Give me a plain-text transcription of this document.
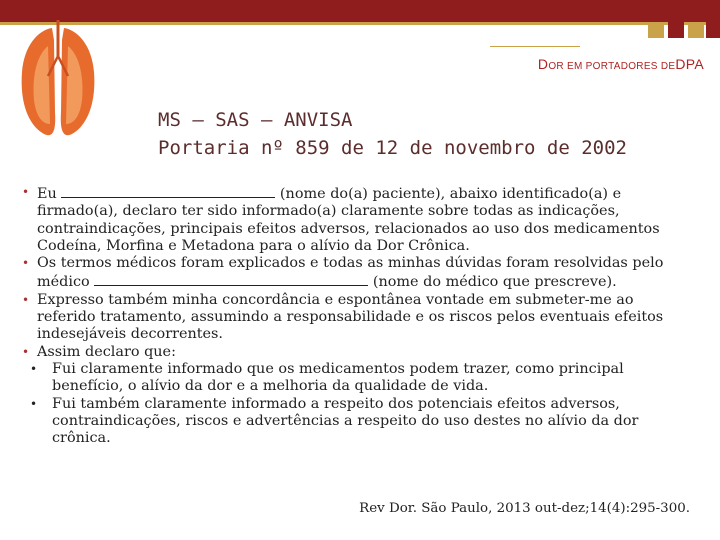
DOR EM PORTADORES DEDPA
MS – SAS – ANVISA
Portaria nº 859 de 12 de novembro de 2002
• Eu	(nome do(a) paciente), abaixo identificado(a) e firmado(a), declaro ter sido informado(a) claramente sobre todas as indicações, contraindicações, principais efeitos adversos, relacionados ao uso dos medicamentos Codeína, Morfina e Metadona para o alívio da Dor Crônica.
• Os termos médicos foram explicados e todas as minhas dúvidas foram resolvidas pelo médico	(nome do médico que prescreve).
• Expresso também minha concordância e espontânea vontade em submeter-me ao referido tratamento, assumindo a responsabilidade e os riscos pelos eventuais efeitos indesejáveis decorrentes.
• Assim declaro que:
• Fui claramente informado que os medicamentos podem trazer, como principal benefício, o alívio da dor e a melhoria da qualidade de vida.
• Fui também claramente informado a respeito dos potenciais efeitos adversos, contraindicações, riscos e advertências a respeito do uso destes no alívio da dor crônica.
Rev Dor. São Paulo, 2013 out-dez;14(4):295-300.
